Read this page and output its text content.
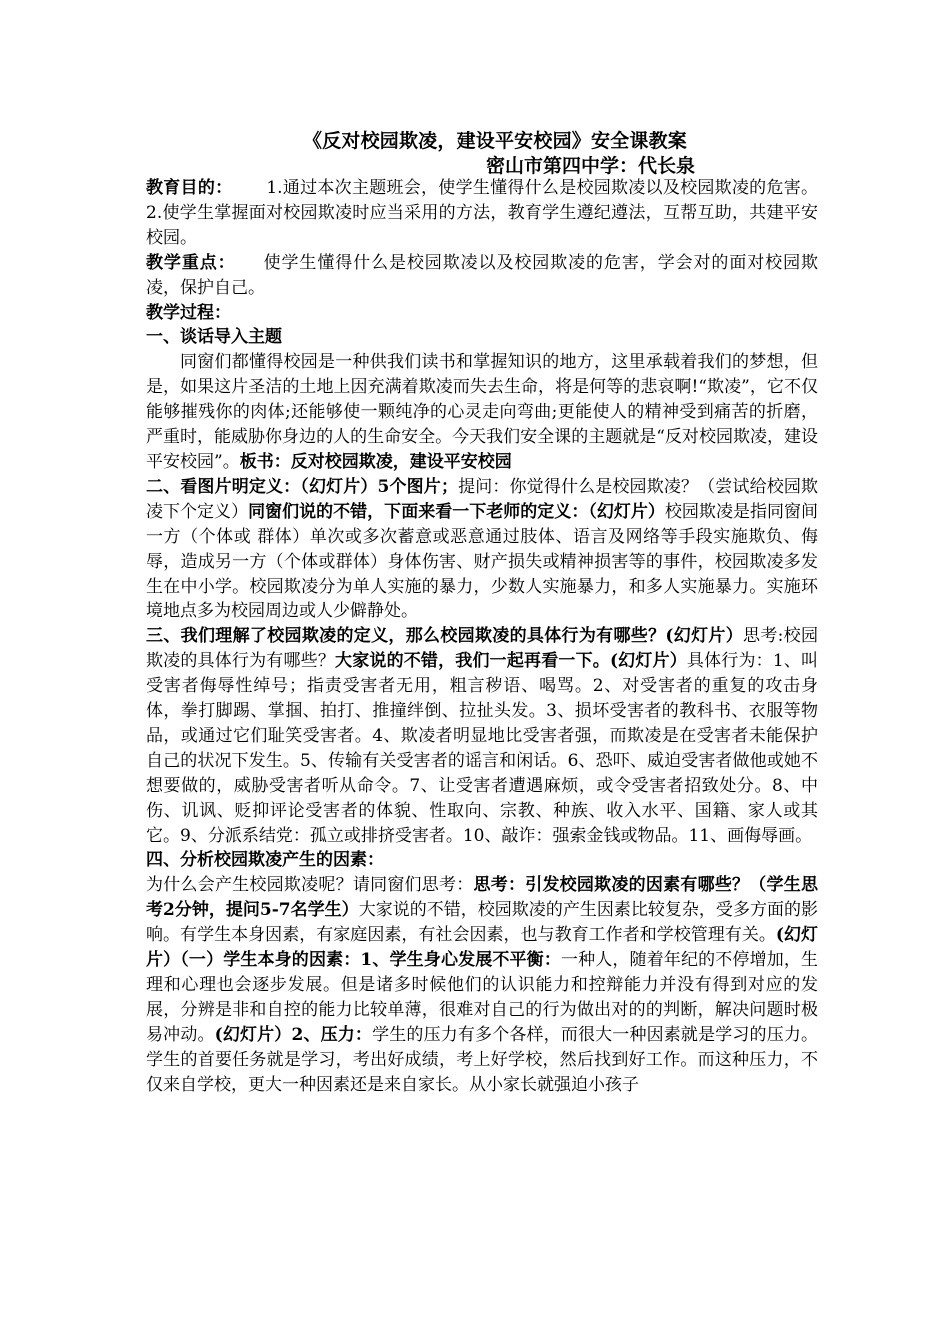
《反对校园欺凌，建设平安校园》安全课教案
密山市第四中学：代长泉

教育目的： 1.通过本次主题班会，使学生懂得什么是校园欺凌以及校园欺凌的危害。 2.使学生掌握面对校园欺凌时应当采用的方法，教育学生遵纪遵法，互帮互助，共建平安校园。

教学重点： 使学生懂得什么是校园欺凌以及校园欺凌的危害，学会对的面对校园欺凌，保护自己。

教学过程：

一、谈话导入主题

同窗们都懂得校园是一种供我们读书和掌握知识的地方，这里承载着我们的梦想，但是，如果这片圣洁的土地上因充满着欺凌而失去生命，将是何等的悲哀啊!“欺凌”，它不仅能够摧残你的肉体;还能够使一颗纯净的心灵走向弯曲;更能使人的精神受到痛苦的折磨，严重时，能威胁你身边的人的生命安全。今天我们安全课的主题就是“反对校园欺凌，建设平安校园”。板书：反对校园欺凌，建设平安校园

二、看图片明定义：（幻灯片）5个图片；提问：你觉得什么是校园欺凌？（尝试给校园欺凌下个定义）同窗们说的不错，下面来看一下老师的定义：（幻灯片）校园欺凌是指同窗间一方（个体或 群体）单次或多次蓄意或恶意通过肢体、语言及网络等手段实施欺负、侮辱，造成另一方（个体或群体）身体伤害、财产损失或精神损害等的事件，校园欺凌多发生在中小学。校园欺凌分为单人实施的暴力，少数人实施暴力，和多人实施暴力。实施环境地点多为校园周边或人少僻静处。

三、我们理解了校园欺凌的定义，那么校园欺凌的具体行为有哪些？(幻灯片）思考:校园欺凌的具体行为有哪些？大家说的不错，我们一起再看一下。(幻灯片）具体行为：1、叫受害者侮辱性绰号；指责受害者无用，粗言秽语、喝骂。2、对受害者的重复的攻击身体，拳打脚踢、掌掴、拍打、推撞绊倒、拉扯头发。3、损坏受害者的教科书、衣服等物品，或通过它们耻笑受害者。4、欺凌者明显地比受害者强，而欺凌是在受害者未能保护自己的状况下发生。5、传输有关受害者的谣言和闲话。6、恐吓、威迫受害者做他或她不想要做的，威胁受害者听从命令。7、让受害者遭遇麻烦，或令受害者招致处分。8、中伤、讥讽、贬抑评论受害者的体貌、性取向、宗教、种族、收入水平、国籍、家人或其它。9、分派系结党：孤立或排挤受害者。10、敲诈：强索金钱或物品。11、画侮辱画。

四、分析校园欺凌产生的因素：

为什么会产生校园欺凌呢？请同窗们思考：思考：引发校园欺凌的因素有哪些？（学生思考2分钟，提问5-7名学生）大家说的不错，校园欺凌的产生因素比较复杂，受多方面的影响。有学生本身因素，有家庭因素，有社会因素，也与教育工作者和学校管理有关。(幻灯片）（一）学生本身的因素：1、学生身心发展不平衡：一种人，随着年纪的不停增加，生理和心理也会逐步发展。但是诸多时候他们的认识能力和控辩能力并没有得到对应的发展，分辨是非和自控的能力比较单薄，很难对自己的行为做出对的的判断，解决问题时极易冲动。(幻灯片）2、压力：学生的压力有多个各样，而很大一种因素就是学习的压力。学生的首要任务就是学习，考出好成绩，考上好学校，然后找到好工作。而这种压力，不仅来自学校，更大一种因素还是来自家长。从小家长就强迫小孩子
